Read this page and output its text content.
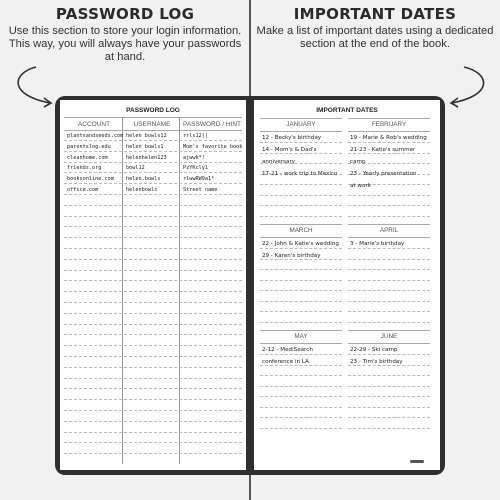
PASSWORD LOG
Use this section to store your login information. This way, you will always have your passwords at hand.
IMPORTANT DATES
Make a list of important dates using a dedicated section at the end of the book.
PASSWORD LOG
ACCOUNT	USERNAME	PASSWORD / HINT
plantsandseeds.com helen bowls12	rrls12((
parentslog.edu	helen bowls1	Mom's favorite book
cleanhome.com	helenhelen123	ajwwk*!
friends.org	bowl12	PzYKcly1
booksonline.com helen.bowls	rlwwRW9a1*
office.com	helenbowls	Street name
IMPORTANT DATES
JANUARY
12 - Becky's birthday
14 - Mom's & Dad's
anniversary
17-21 - work trip to Mexico
FEBRUARY
19 - Marie & Rob's wedding
21-23 - Katie's summer
camp
23 - Yearly presentation
at work
MARCH
22 - John & Katie's wedding
29 - Karen's birthday
APRIL
3 - Marie's birthday
MAY
2-12 - MediSearch
conference in LA
JUNE
22-29 - Ski camp
23 - Tim's birthday
